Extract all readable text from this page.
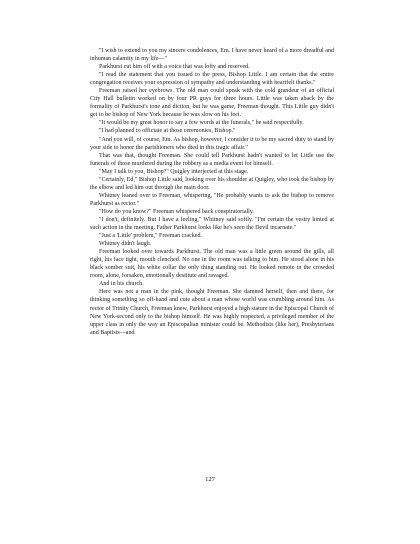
"I wish to extend to you my sincere condolences, Em. I have never heard of a more dreadful and inhuman calamity in my life—"

Parkhurst cut him off with a voice that was lofty and reserved.

"I read the statement that you issued to the press, Bishop Little. I am certain that the entire congregation receives your expression of sympathy and understanding with heartfelt thanks."

Freeman raised her eyebrows. The old man could speak with the cold grandeur of an official City Hall bulletin worked on by four PR guys for three hours. Little was taken aback by the formality of Parkhurst's tone and diction, but he was game, Freeman thought. This Little guy didn't get to be bishop of New York because he was slow on his feet.

"It would be my great honor to say a few words at the funerals," he said respectfully.

"I had planned to officiate at those ceremonies, Bishop."

"And you will, of course, Em. As bishop, however, I consider it to be my sacred duty to stand by your side to honor the parishioners who died in this tragic affair."

That was that, thought Freeman. She could tell Parkhurst hadn't wanted to let Little use the funerals of those murdered during the robbery as a media event for himself.

"May I talk to you, Bishop?" Quigley interjected at this stage.

"Certainly, Ed," Bishop Little said, looking over his shoulder at Quigley, who took the bishop by the elbow and led him out through the main door.

Whitney leaned over to Freeman, whispering, "He probably wants to ask the bishop to remove Parkhurst as rector."

"How do you know?" Freeman whispered back conspiratorially.

"I don't, definitely. But I have a feeling," Whitney said softly. "I'm certain the vestry hinted at such action in the meeting. Father Parkhurst looks like he's seen the Devil incarnate."

"Just a 'Little' problem," Freeman cracked.

Whitney didn't laugh.

Freeman looked over towards Parkhurst. The old man was a little green around the gills, all right, his face tight, mouth clenched. No one in the room was talking to him. He stood alone in his black somber suit, his white collar the only thing standing out. He looked remote in the crowded room, alone, forsaken, emotionally destitute and ravaged.

And in his church.

Here was not a man in the pink, thought Freeman. She damned herself, then and there, for thinking something so off-hand and cute about a man whose world was crumbling around him. As rector of Trinity Church, Freeman knew, Parkhurst enjoyed a high stature in the Episcopal Church of New York-second only to the bishop himself. He was highly respected, a privileged member of the upper class in only the way an Episcopalian minister could be. Methodists (like her), Presbyterians and Baptists—and

127
